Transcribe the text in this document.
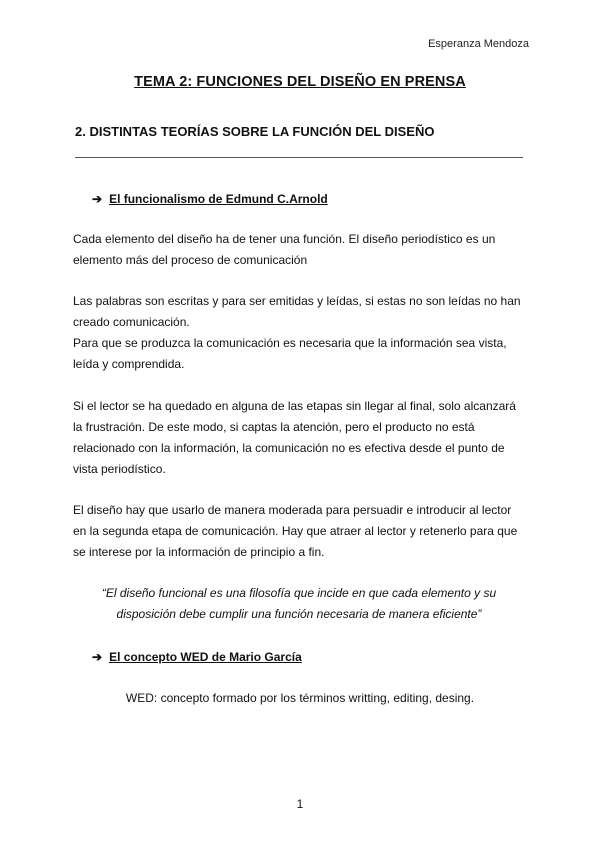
Esperanza Mendoza
TEMA 2: FUNCIONES DEL DISEÑO EN PRENSA
2. DISTINTAS TEORÍAS SOBRE LA FUNCIÓN DEL DISEÑO
➔ El funcionalismo de Edmund C.Arnold

Cada elemento del diseño ha de tener una función. El diseño periodístico es un elemento más del proceso de comunicación

Las palabras son escritas y para ser emitidas y leídas, si estas no son leídas no han creado comunicación.

Para que se produzca la comunicación es necesaria que la información sea vista, leída y comprendida.

Si el lector se ha quedado en alguna de las etapas sin llegar al final, solo alcanzará la frustración. De este modo, si captas la atención, pero el producto no está relacionado con la información, la comunicación no es efectiva desde el punto de vista periodístico.

El diseño hay que usarlo de manera moderada para persuadir e introducir al lector en la segunda etapa de comunicación. Hay que atraer al lector y retenerlo para que se interese por la información de principio a fin.

“El diseño funcional es una filosofía que incide en que cada elemento y su disposición debe cumplir una función necesaria de manera eficiente”
➔ El concepto WED de Mario García
WED: concepto formado por los términos writting, editing, desing.
1
